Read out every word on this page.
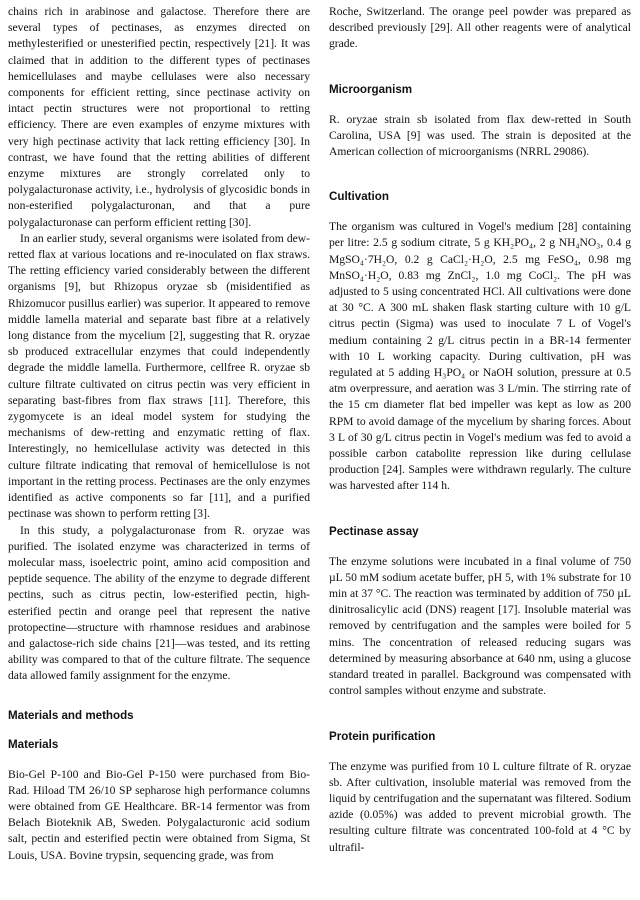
chains rich in arabinose and galactose. Therefore there are several types of pectinases, as enzymes directed on methylesterified or unesterified pectin, respectively [21]. It was claimed that in addition to the different types of pectinases hemicellulases and maybe cellulases were also necessary components for efficient retting, since pectinase activity on intact pectin structures were not proportional to retting efficiency. There are even examples of enzyme mixtures with very high pectinase activity that lack retting efficiency [30]. In contrast, we have found that the retting abilities of different enzyme mixtures are strongly correlated only to polygalacturonase activity, i.e., hydrolysis of glycosidic bonds in non-esterified polygalacturonan, and that a pure polygalacturonase can perform efficient retting [30].

In an earlier study, several organisms were isolated from dew-retted flax at various locations and re-inoculated on flax straws. The retting efficiency varied considerably between the different organisms [9], but Rhizopus oryzae sb (misidentified as Rhizomucor pusillus earlier) was superior. It appeared to remove middle lamella material and separate bast fibre at a relatively long distance from the mycelium [2], suggesting that R. oryzae sb produced extracellular enzymes that could independently degrade the middle lamella. Furthermore, cellfree R. oryzae sb culture filtrate cultivated on citrus pectin was very efficient in separating bast-fibres from flax straws [11]. Therefore, this zygomycete is an ideal model system for studying the mechanisms of dew-retting and enzymatic retting of flax. Interestingly, no hemicellulase activity was detected in this culture filtrate indicating that removal of hemicellulose is not important in the retting process. Pectinases are the only enzymes identified as active components so far [11], and a purified pectinase was shown to perform retting [3].

In this study, a polygalacturonase from R. oryzae was purified. The isolated enzyme was characterized in terms of molecular mass, isoelectric point, amino acid composition and peptide sequence. The ability of the enzyme to degrade different pectins, such as citrus pectin, low-esterified pectin, high-esterified pectin and orange peel that represent the native protopectine—structure with rhamnose residues and arabinose and galactose-rich side chains [21]—was tested, and its retting ability was compared to that of the culture filtrate. The sequence data allowed family assignment for the enzyme.

Materials and methods
Materials

Bio-Gel P-100 and Bio-Gel P-150 were purchased from Bio-Rad. Hiload TM 26/10 SP sepharose high performance columns were obtained from GE Healthcare. BR-14 fermentor was from Belach Bioteknik AB, Sweden. Polygalacturonic acid sodium salt, pectin and esterified pectin were obtained from Sigma, St Louis, USA. Bovine trypsin, sequencing grade, was from

Roche, Switzerland. The orange peel powder was prepared as described previously [29]. All other reagents were of analytical grade.

Microorganism

R. oryzae strain sb isolated from flax dew-retted in South Carolina, USA [9] was used. The strain is deposited at the American collection of microorganisms (NRRL 29086).

Cultivation

The organism was cultured in Vogel's medium [28] containing per litre: 2.5 g sodium citrate, 5 g KH₂PO₄, 2 g NH₄NO₃, 0.4 g MgSO₄·7H₂O, 0.2 g CaCl₂·H₂O, 2.5 mg FeSO₄, 0.98 mg MnSO₄·H₂O, 0.83 mg ZnCl₂, 1.0 mg CoCl₂. The pH was adjusted to 5 using concentrated HCl. All cultivations were done at 30 °C. A 300 mL shaken flask starting culture with 10 g/L citrus pectin (Sigma) was used to inoculate 7 L of Vogel's medium containing 2 g/L citrus pectin in a BR-14 fermenter with 10 L working capacity. During cultivation, pH was regulated at 5 adding H₃PO₄ or NaOH solution, pressure at 0.5 atm overpressure, and aeration was 3 L/min. The stirring rate of the 15 cm diameter flat bed impeller was kept as low as 200 RPM to avoid damage of the mycelium by sharing forces. About 3 L of 30 g/L citrus pectin in Vogel's medium was fed to avoid a possible carbon catabolite repression like during cellulase production [24]. Samples were withdrawn regularly. The culture was harvested after 114 h.

Pectinase assay

The enzyme solutions were incubated in a final volume of 750 µL 50 mM sodium acetate buffer, pH 5, with 1% substrate for 10 min at 37 °C. The reaction was terminated by addition of 750 µL dinitrosalicylic acid (DNS) reagent [17]. Insoluble material was removed by centrifugation and the samples were boiled for 5 mins. The concentration of released reducing sugars was determined by measuring absorbance at 640 nm, using a glucose standard treated in parallel. Background was compensated with control samples without enzyme and substrate.

Protein purification

The enzyme was purified from 10 L culture filtrate of R. oryzae sb. After cultivation, insoluble material was removed from the liquid by centrifugation and the supernatant was filtered. Sodium azide (0.05%) was added to prevent microbial growth. The resulting culture filtrate was concentrated 100-fold at 4 °C by ultrafil-
